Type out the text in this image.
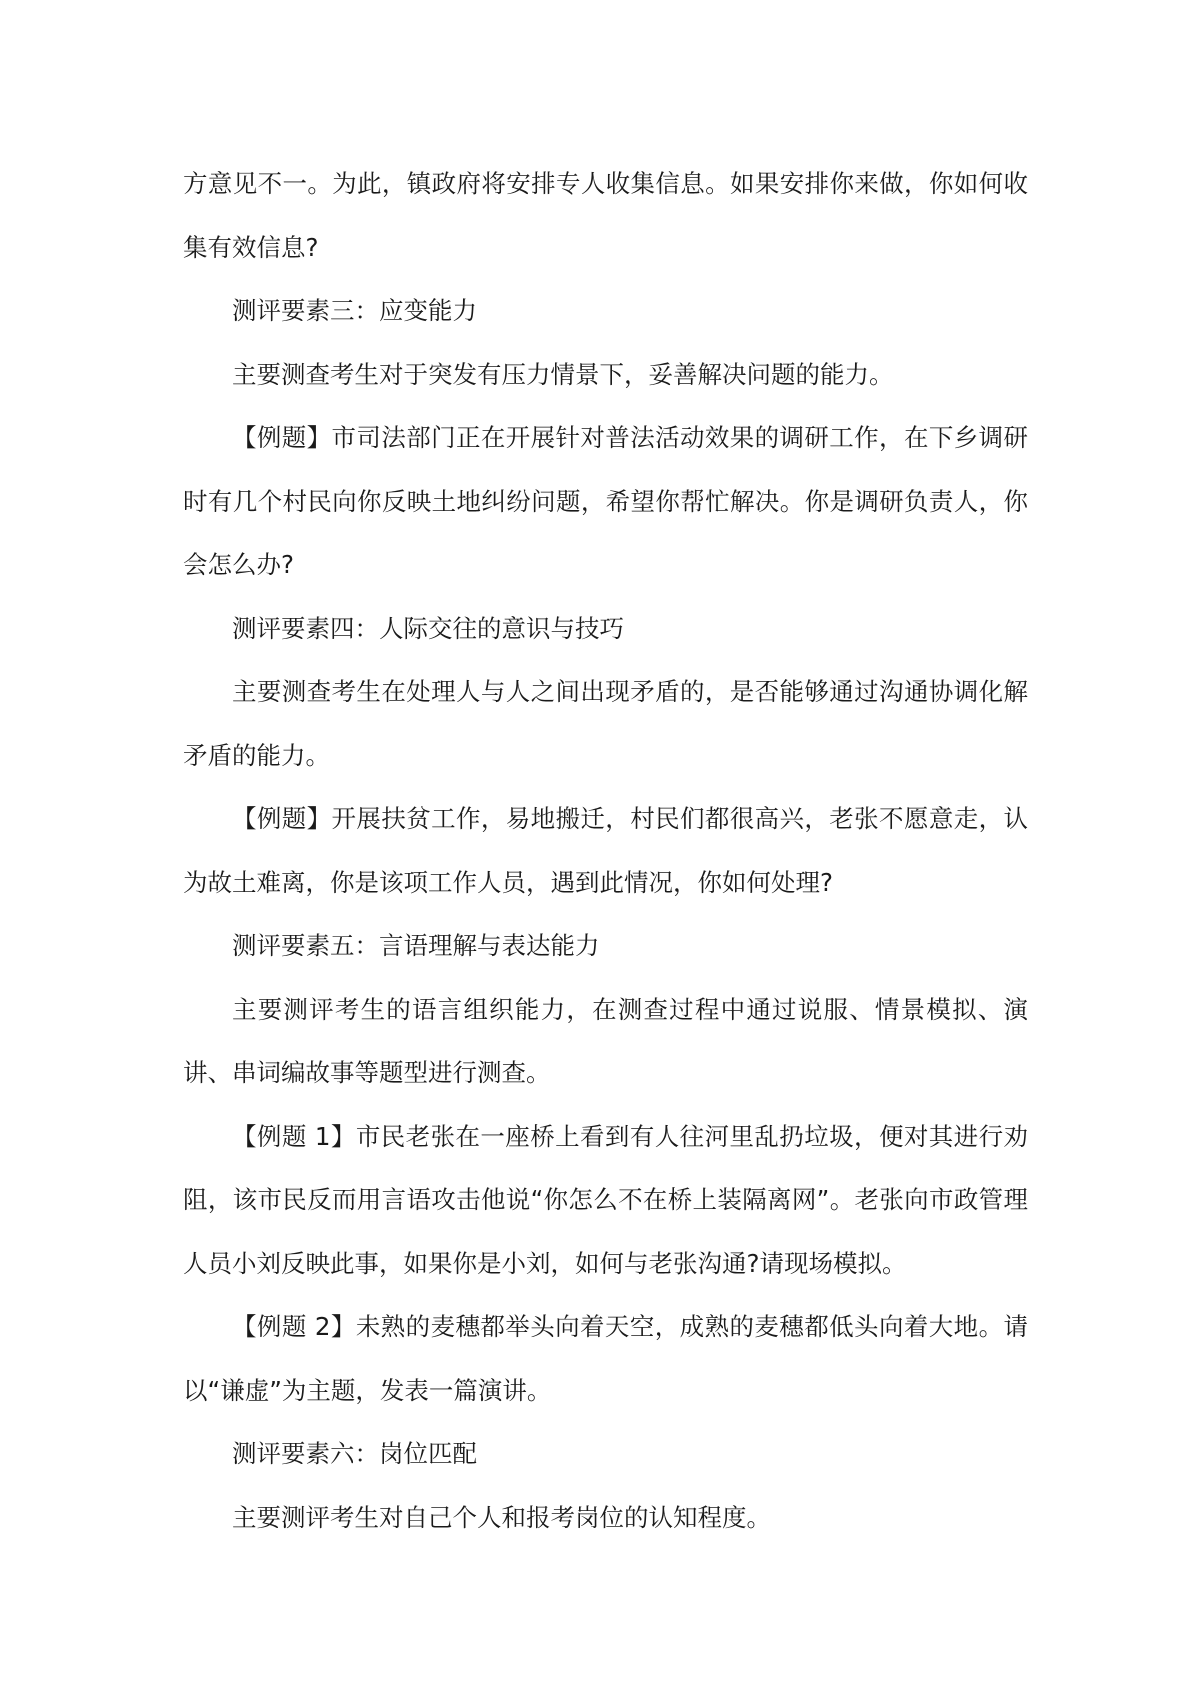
方意见不一。为此，镇政府将安排专人收集信息。如果安排你来做，你如何收集有效信息?

测评要素三：应变能力

主要测查考生对于突发有压力情景下，妥善解决问题的能力。

【例题】市司法部门正在开展针对普法活动效果的调研工作，在下乡调研时有几个村民向你反映土地纠纷问题，希望你帮忙解决。你是调研负责人，你会怎么办?

测评要素四：人际交往的意识与技巧

主要测查考生在处理人与人之间出现矛盾的，是否能够通过沟通协调化解矛盾的能力。

【例题】开展扶贫工作，易地搬迁，村民们都很高兴，老张不愿意走，认为故土难离，你是该项工作人员，遇到此情况，你如何处理?

测评要素五：言语理解与表达能力

主要测评考生的语言组织能力，在测查过程中通过说服、情景模拟、演讲、串词编故事等题型进行测查。

【例题 1】市民老张在一座桥上看到有人往河里乱扔垃圾，便对其进行劝阻，该市民反而用言语攻击他说“你怎么不在桥上装隔离网”。老张向市政管理人员小刘反映此事，如果你是小刘，如何与老张沟通?请现场模拟。

【例题 2】未熟的麦穗都举头向着天空，成熟的麦穗都低头向着大地。请以“谦虚”为主题，发表一篇演讲。

测评要素六：岗位匹配

主要测评考生对自己个人和报考岗位的认知程度。
